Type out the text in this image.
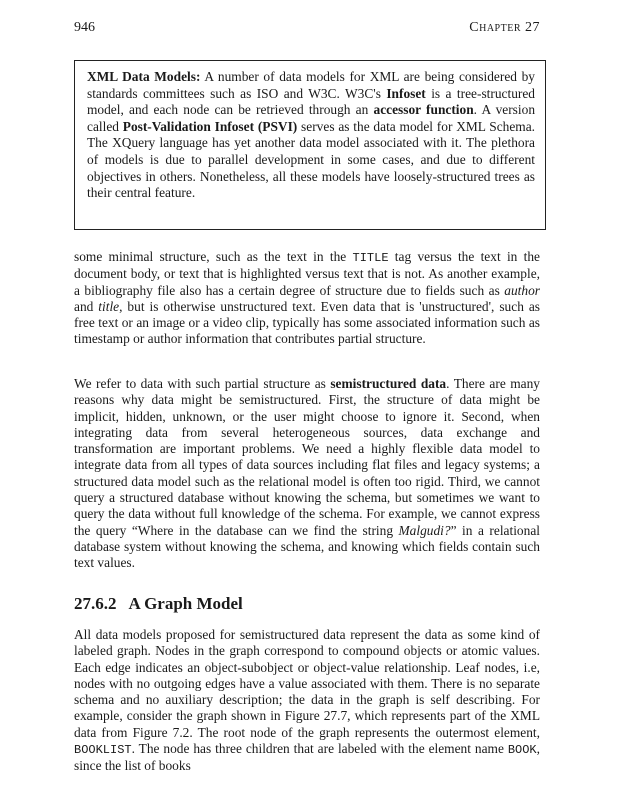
946	Chapter 27
XML Data Models: A number of data models for XML are being considered by standards committees such as ISO and W3C. W3C's Infoset is a tree-structured model, and each node can be retrieved through an accessor function. A version called Post-Validation Infoset (PSVI) serves as the data model for XML Schema. The XQuery language has yet another data model associated with it. The plethora of models is due to parallel development in some cases, and due to different objectives in others. Nonetheless, all these models have loosely-structured trees as their central feature.
some minimal structure, such as the text in the TITLE tag versus the text in the document body, or text that is highlighted versus text that is not. As another example, a bibliography file also has a certain degree of structure due to fields such as author and title, but is otherwise unstructured text. Even data that is 'unstructured', such as free text or an image or a video clip, typically has some associated information such as timestamp or author information that contributes partial structure.
We refer to data with such partial structure as semistructured data. There are many reasons why data might be semistructured. First, the structure of data might be implicit, hidden, unknown, or the user might choose to ignore it. Second, when integrating data from several heterogeneous sources, data exchange and transformation are important problems. We need a highly flexible data model to integrate data from all types of data sources including flat files and legacy systems; a structured data model such as the relational model is often too rigid. Third, we cannot query a structured database without knowing the schema, but sometimes we want to query the data without full knowledge of the schema. For example, we cannot express the query “Where in the database can we find the string Malgudi?” in a relational database system without knowing the schema, and knowing which fields contain such text values.
27.6.2 A Graph Model
All data models proposed for semistructured data represent the data as some kind of labeled graph. Nodes in the graph correspond to compound objects or atomic values. Each edge indicates an object-subobject or object-value relationship. Leaf nodes, i.e, nodes with no outgoing edges have a value associated with them. There is no separate schema and no auxiliary description; the data in the graph is self describing. For example, consider the graph shown in Figure 27.7, which represents part of the XML data from Figure 7.2. The root node of the graph represents the outermost element, BOOKLIST. The node has three children that are labeled with the element name BOOK, since the list of books
